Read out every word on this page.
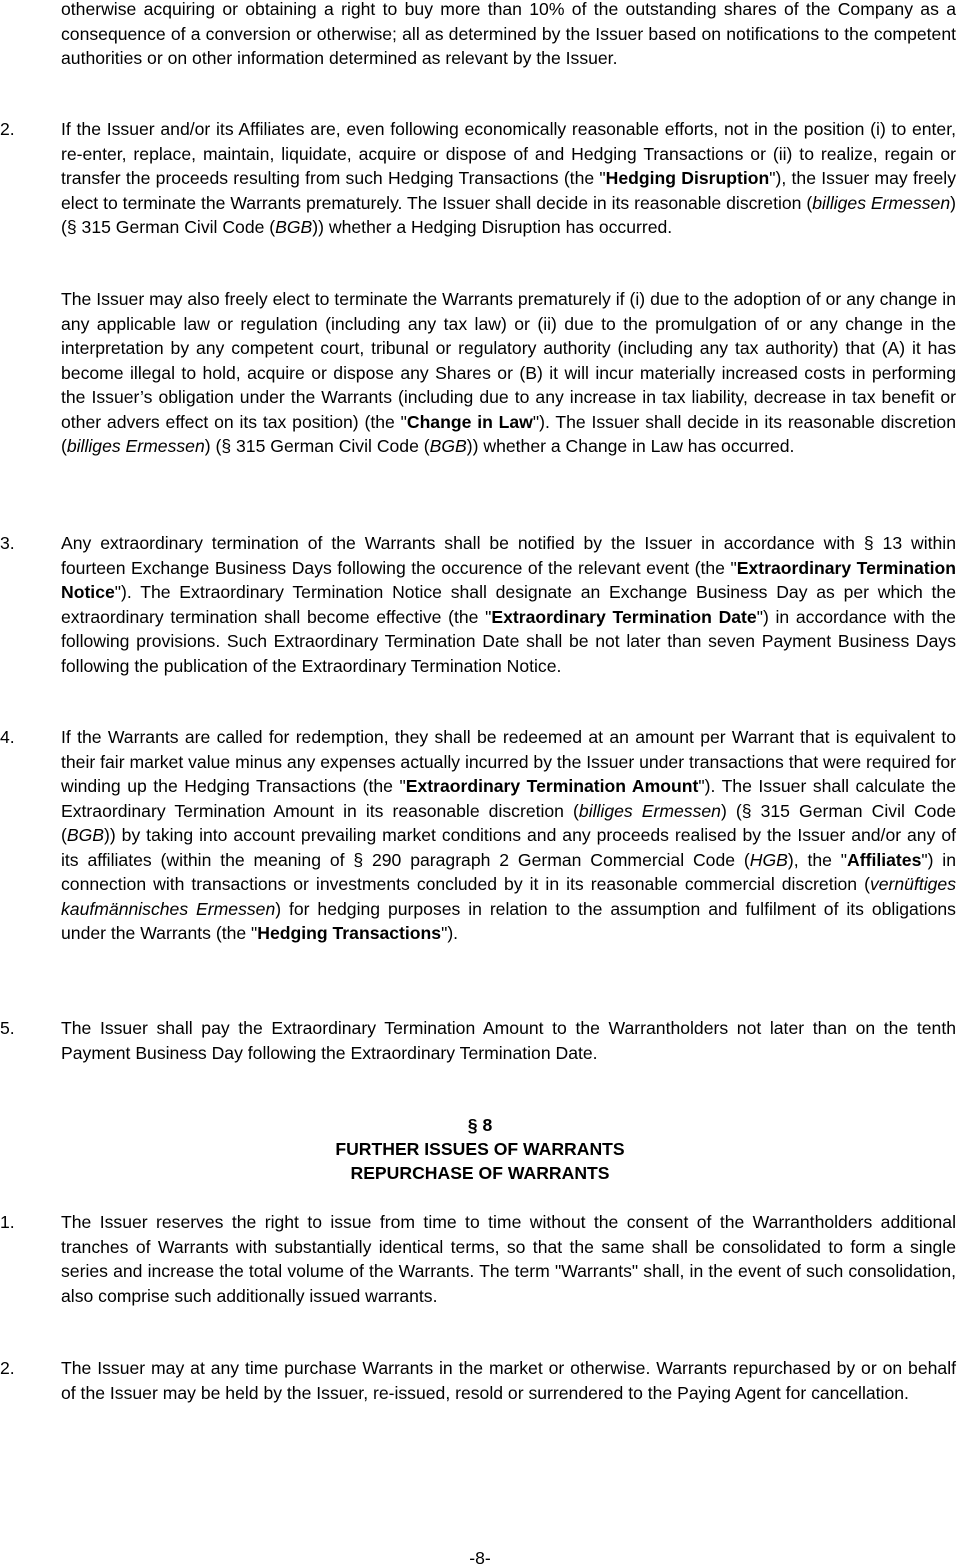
otherwise acquiring or obtaining a right to buy more than 10% of the outstanding shares of the Company as a consequence of a conversion or otherwise; all as determined by the Issuer based on notifications to the competent authorities or on other information determined as relevant by the Issuer.

2.	If the Issuer and/or its Affiliates are, even following economically reasonable efforts, not in the position (i) to enter, re-enter, replace, maintain, liquidate, acquire or dispose of and Hedging Transactions or (ii) to realize, regain or transfer the proceeds resulting from such Hedging Transactions (the "Hedging Disruption"), the Issuer may freely elect to terminate the Warrants prematurely. The Issuer shall decide in its reasonable discretion (billiges Ermessen) (§ 315 German Civil Code (BGB)) whether a Hedging Disruption has occurred.

The Issuer may also freely elect to terminate the Warrants prematurely if (i) due to the adoption of or any change in any applicable law or regulation (including any tax law) or (ii) due to the promulgation of or any change in the interpretation by any competent court, tribunal or regulatory authority (including any tax authority) that (A) it has become illegal to hold, acquire or dispose any Shares or (B) it will incur materially increased costs in performing the Issuer’s obligation under the Warrants (including due to any increase in tax liability, decrease in tax benefit or other advers effect on its tax position) (the "Change in Law"). The Issuer shall decide in its reasonable discretion (billiges Ermessen) (§ 315 German Civil Code (BGB)) whether a Change in Law has occurred.

3.	Any extraordinary termination of the Warrants shall be notified by the Issuer in accordance with § 13 within fourteen Exchange Business Days following the occurence of the relevant event (the "Extraordinary Termination Notice"). The Extraordinary Termination Notice shall designate an Exchange Business Day as per which the extraordinary termination shall become effective (the "Extraordinary Termination Date") in accordance with the following provisions. Such Extraordinary Termination Date shall be not later than seven Payment Business Days following the publication of the Extraordinary Termination Notice.

4.	If the Warrants are called for redemption, they shall be redeemed at an amount per Warrant that is equivalent to their fair market value minus any expenses actually incurred by the Issuer under transactions that were required for winding up the Hedging Transactions (the "Extraordinary Termination Amount"). The Issuer shall calculate the Extraordinary Termination Amount in its reasonable discretion (billiges Ermessen) (§ 315 German Civil Code (BGB)) by taking into account prevailing market conditions and any proceeds realised by the Issuer and/or any of its affiliates (within the meaning of § 290 paragraph 2 German Commercial Code (HGB), the "Affiliates") in connection with transactions or investments concluded by it in its reasonable commercial discretion (vernüftiges kaufmännisches Ermessen) for hedging purposes in relation to the assumption and fulfilment of its obligations under the Warrants (the "Hedging Transactions").

5.	The Issuer shall pay the Extraordinary Termination Amount to the Warrantholders not later than on the tenth Payment Business Day following the Extraordinary Termination Date.

§ 8
FURTHER ISSUES OF WARRANTS
REPURCHASE OF WARRANTS
1.	The Issuer reserves the right to issue from time to time without the consent of the Warrantholders additional tranches of Warrants with substantially identical terms, so that the same shall be consolidated to form a single series and increase the total volume of the Warrants. The term "Warrants" shall, in the event of such consolidation, also comprise such additionally issued warrants.

2.	The Issuer may at any time purchase Warrants in the market or otherwise. Warrants repurchased by or on behalf of the Issuer may be held by the Issuer, re-issued, resold or surrendered to the Paying Agent for cancellation.

-8-
